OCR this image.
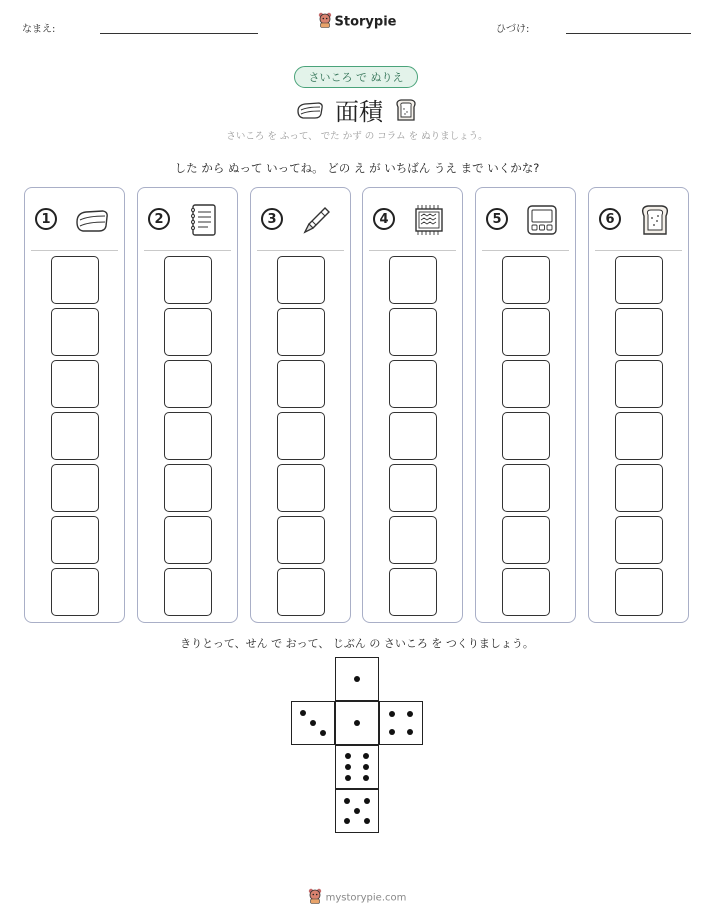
なまえ:	ひづけ:
Storypie
さいころ で ぬりえ
面積
さいころ を ふって、 でた かず の コラム を ぬりましょう。
した から ぬって いってね。 どの え が いちばん うえ まで いくかな?
1	2	3	4	5	6
きりとって、せん で おって、 じぶん の さいころ を つくりましょう。
mystorypie.com
